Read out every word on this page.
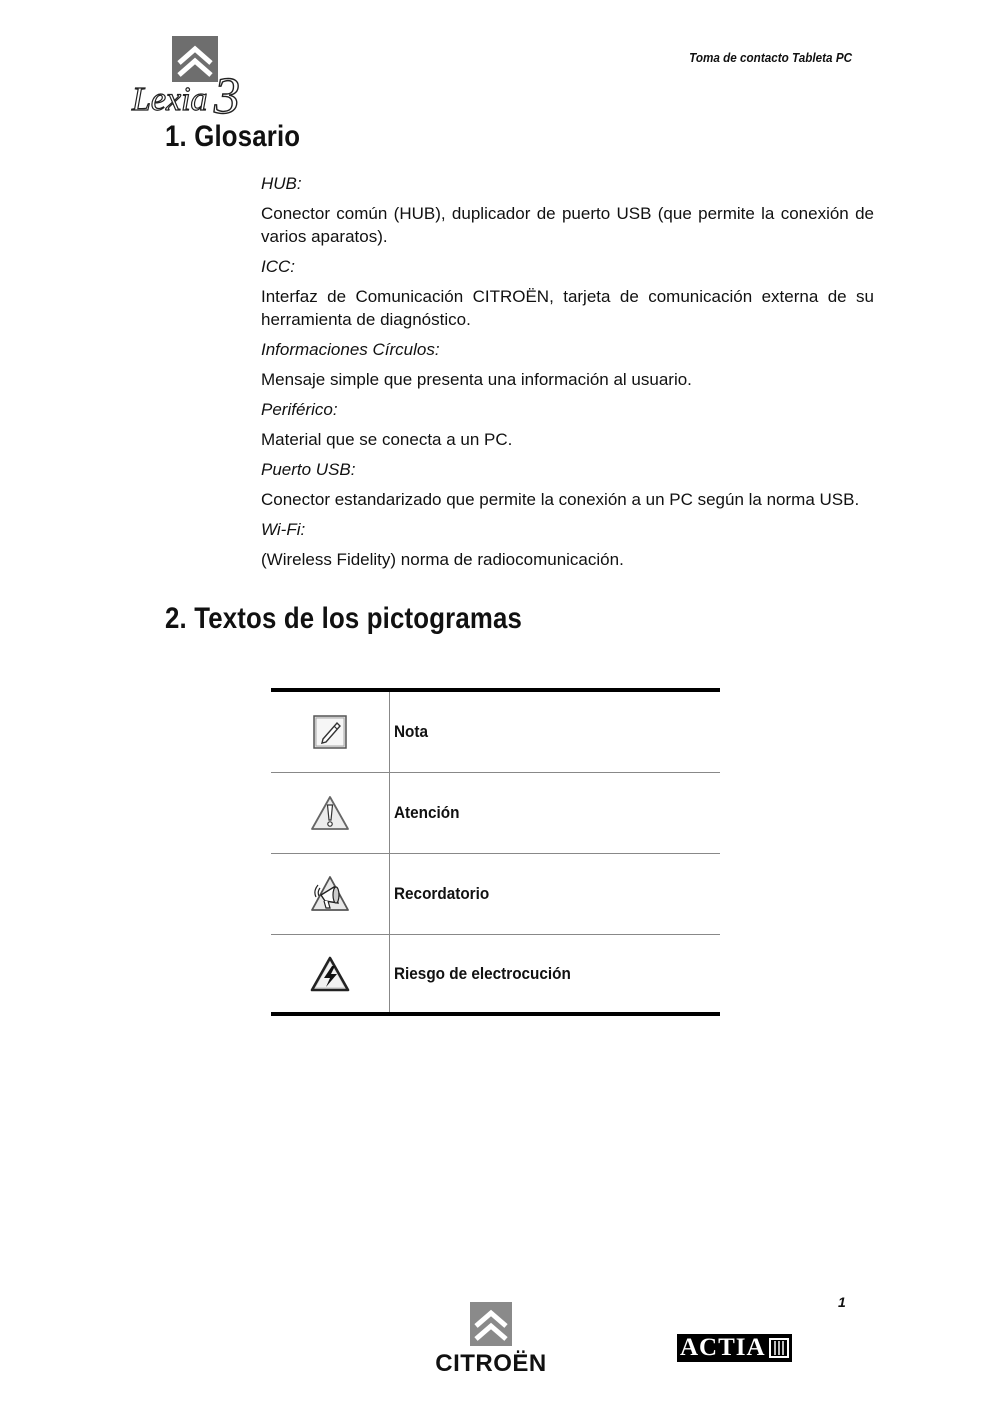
Lexia 3
Toma de contacto Tableta PC
1. Glosario

HUB:

Conector común (HUB), duplicador de puerto USB (que permite la conexión de varios aparatos).

ICC:

Interfaz de Comunicación CITROËN, tarjeta de comunicación externa de su herramienta de diagnóstico.

Informaciones Círculos:

Mensaje simple que presenta una información al usuario.

Periférico:

Material que se conecta a un PC.

Puerto USB:

Conector estandarizado que permite la conexión a un PC según la norma USB.

Wi-Fi:

(Wireless Fidelity) norma de radiocomunicación.

2. Textos de los pictogramas
Nota
Atención
Recordatorio
Riesgo de electrocución
1
CITROËN
ACTIA
